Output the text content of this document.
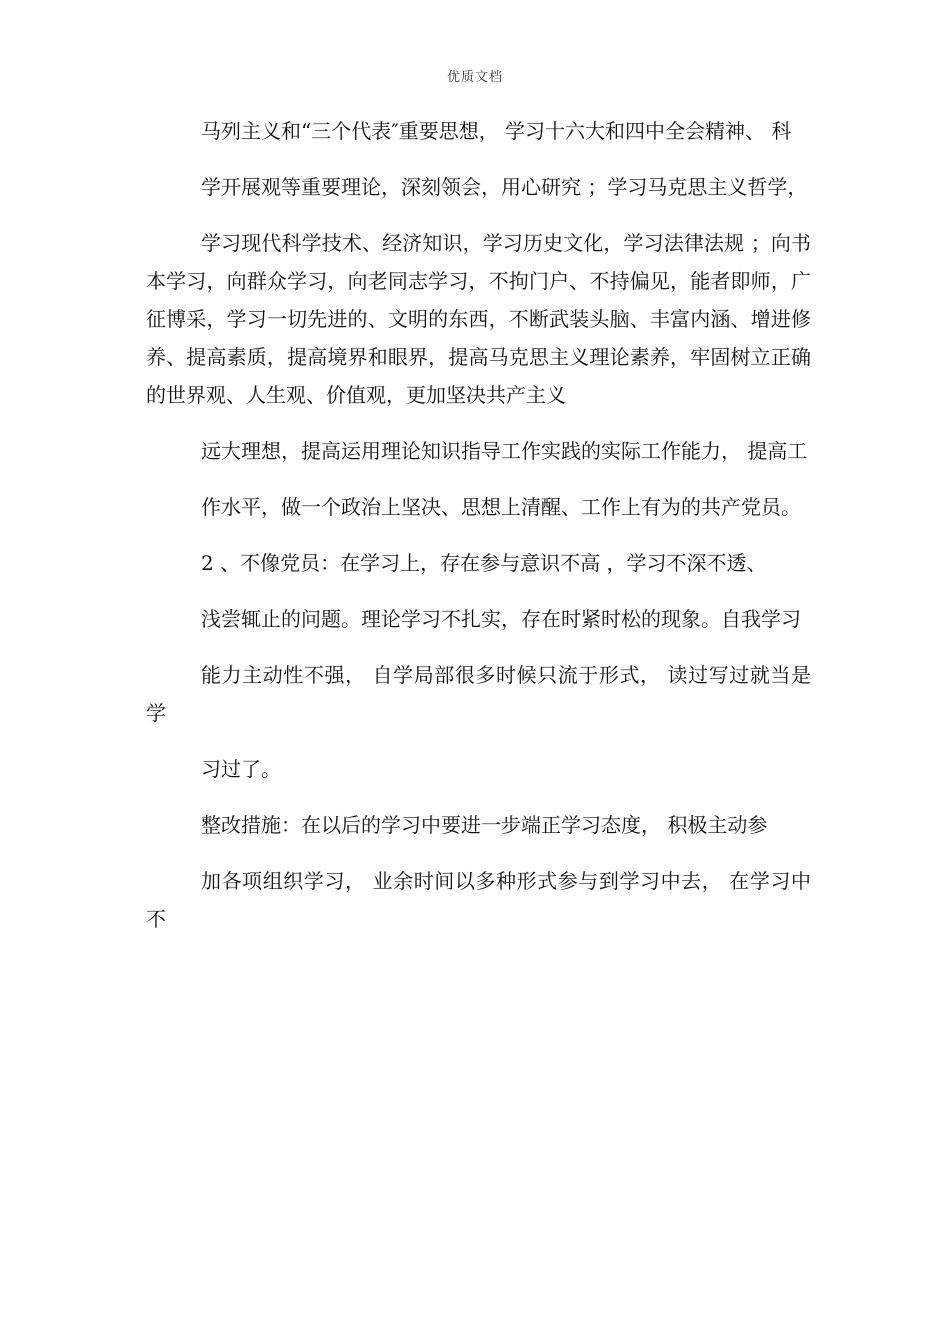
优质文档

马列主义和“三个代表″重要思想， 学习十六大和四中全会精神、 科

学开展观等重要理论，深刻领会，用心研究 ；学习马克思主义哲学，

学习现代科学技术、经济知识，学习历史文化，学习法律法规 ；向书本学习，向群众学习，向老同志学习，不拘门户、不持偏见，能者即师，广征博采，学习一切先进的、文明的东西，不断武装头脑、丰富内涵、增进修养、提高素质，提高境界和眼界，提高马克思主义理论素养，牢固树立正确的世界观、人生观、价值观，更加坚决共产主义

远大理想，提高运用理论知识指导工作实践的实际工作能力， 提高工

作水平，做一个政治上坚决、思想上清醒、工作上有为的共产党员。

2 、不像党员：在学习上，存在参与意识不高 ，学习不深不透、

浅尝辄止的问题。理论学习不扎实，存在时紧时松的现象。自我学习

能力主动性不强， 自学局部很多时候只流于形式， 读过写过就当是学

习过了。

整改措施：在以后的学习中要进一步端正学习态度， 积极主动参

加各项组织学习， 业余时间以多种形式参与到学习中去， 在学习中不
